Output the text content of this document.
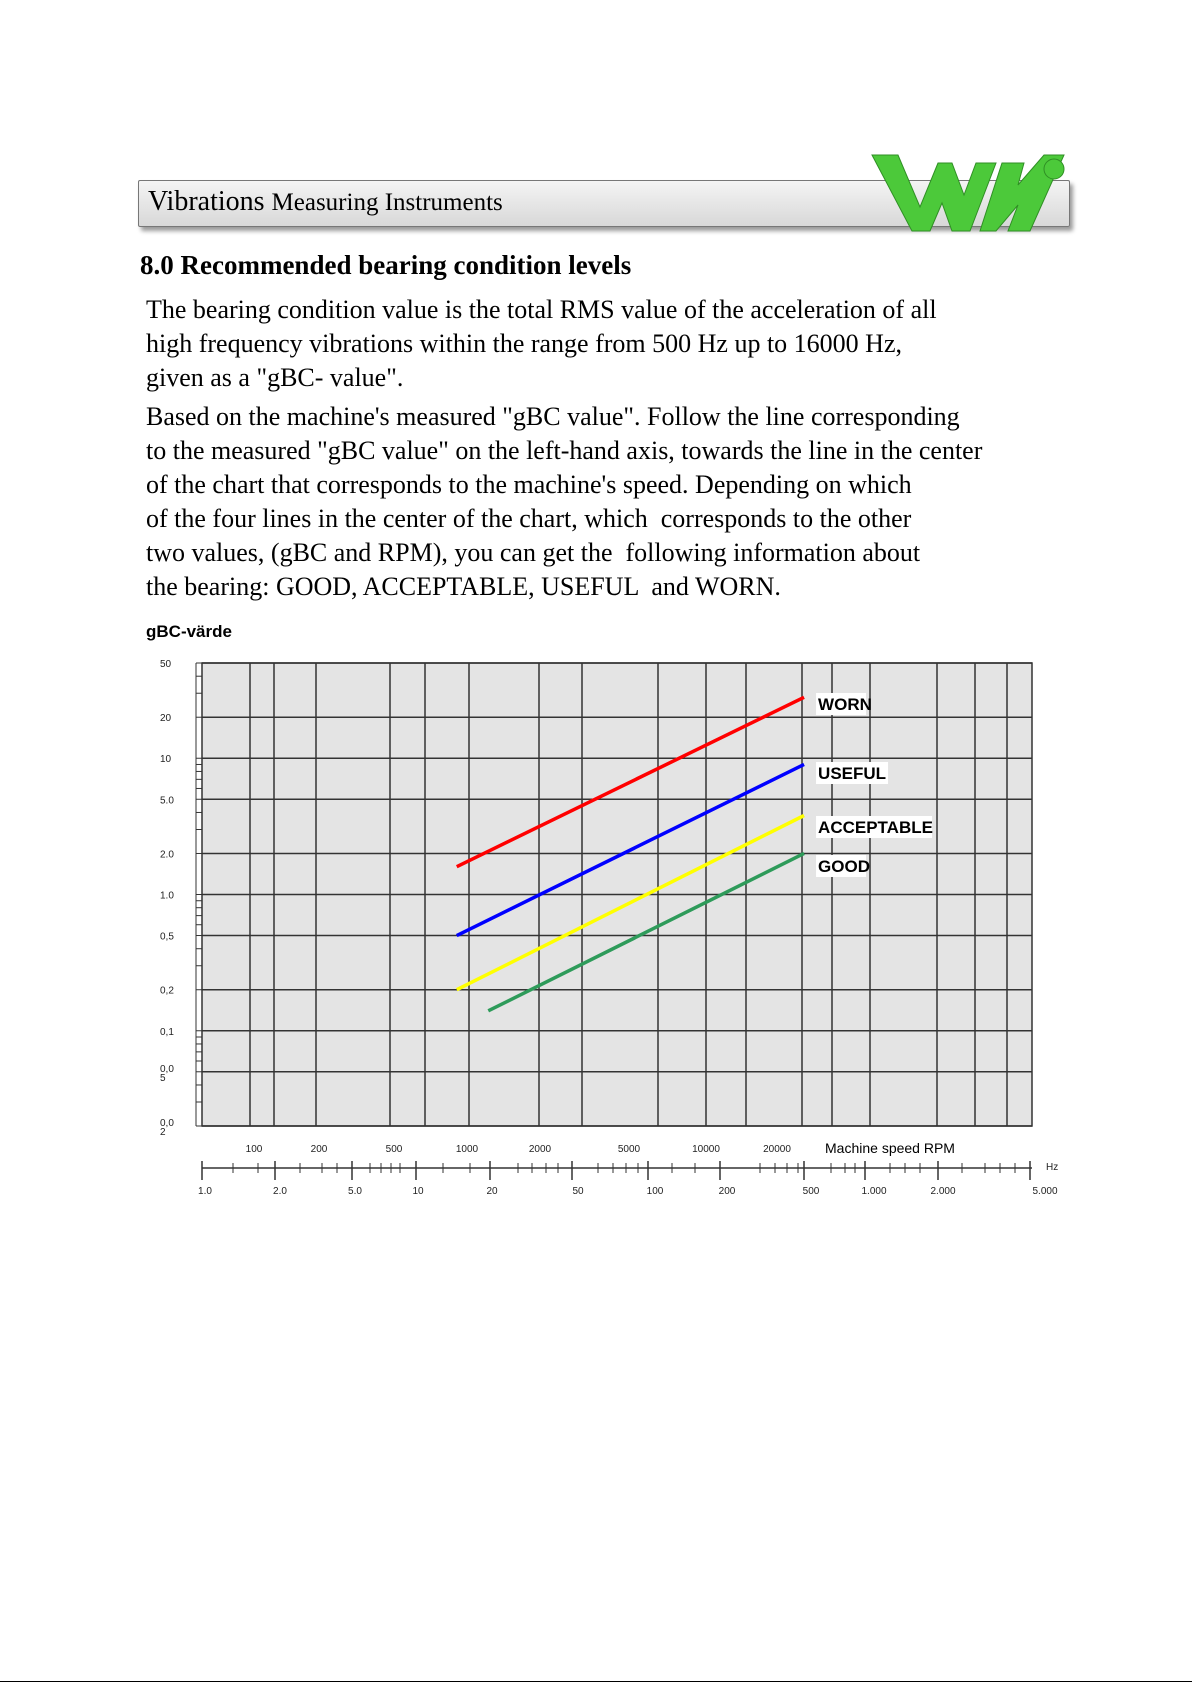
Vibrations Measuring Instruments
8.0 Recommended bearing condition levels
The bearing condition value is the total RMS value of the acceleration of all
high frequency vibrations within the range from 500 Hz up to 16000 Hz,
given as a "gBC- value".
Based on the machine's measured "gBC value". Follow the line corresponding
to the measured "gBC value" on the left-hand axis, towards the line in the center
of the chart that corresponds to the machine's speed. Depending on which
of the four lines in the center of the chart, which  corresponds to the other
two values, (gBC and RPM), you can get the  following information about
the bearing: GOOD, ACCEPTABLE, USEFUL  and WORN.
gBC-värde
50
20
10
5.0
2.0
1.0
0,5
0,2
0,1
0,0
5
0,0
2
100	200	500	1000	2000	5000	10000	20000 Machine speed RPM
1.0	2.0	5.0	10	20	50	100	200	500	1.000	2.000	5.000
Hz
WORN
USEFUL
ACCEPTABLE
GOOD
